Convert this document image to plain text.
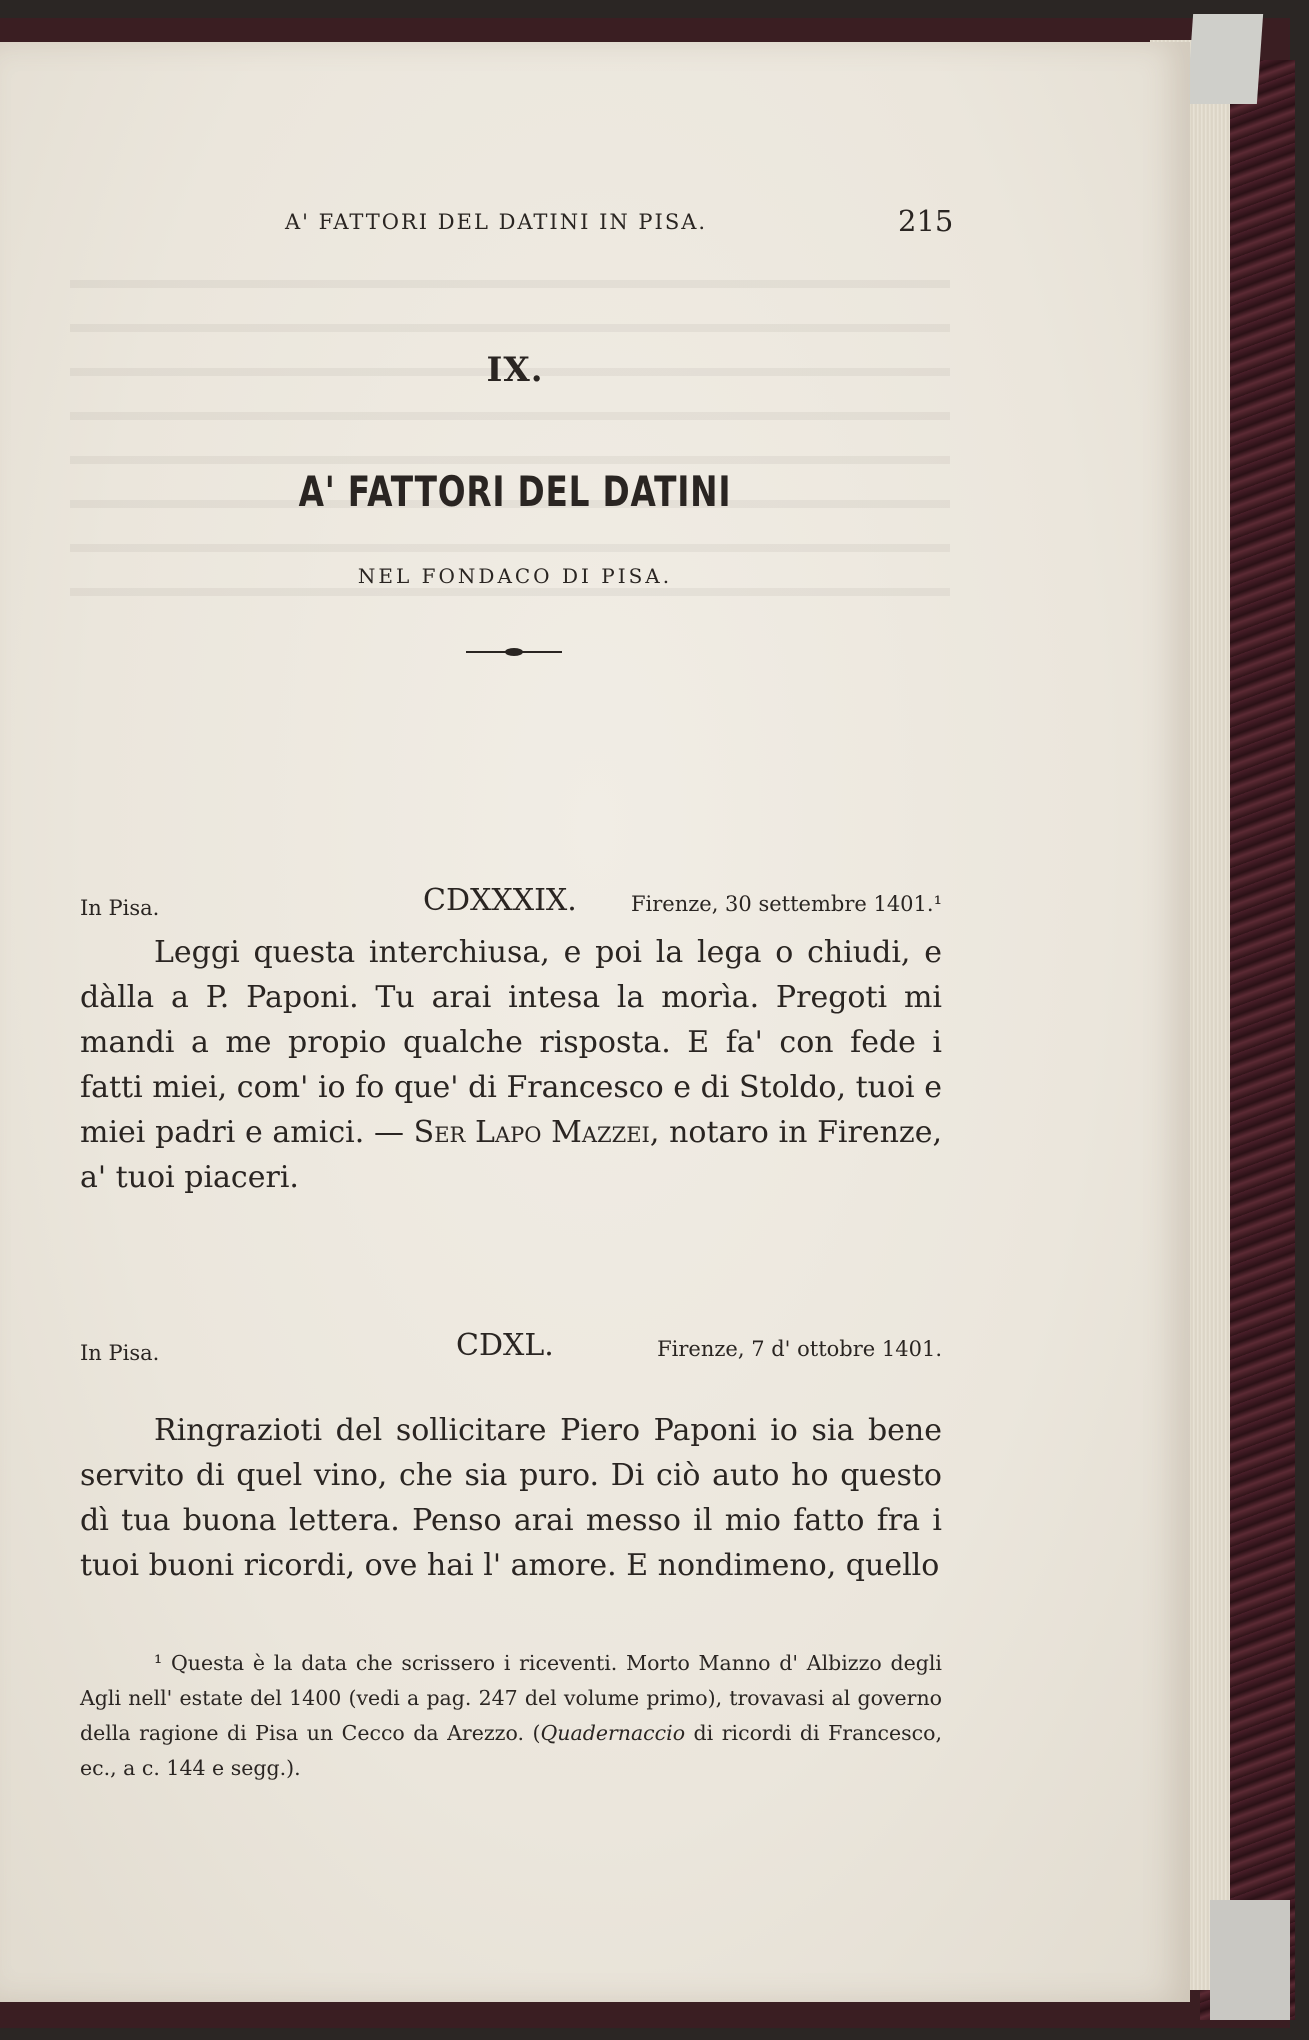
A' FATTORI DEL DATINI IN PISA.	215
IX.
A' FATTORI DEL DATINI
NEL FONDACO DI PISA.
In Pisa.	CDXXXIX.	Firenze, 30 settembre 1401.¹
Leggi questa interchiusa, e poi la lega o chiudi, e dàlla a P. Paponi. Tu arai intesa la morìa. Pregoti mi mandi a me propio qualche risposta. E fa' con fede i fatti miei, com' io fo que' di Francesco e di Stoldo, tuoi e miei padri e amici. — Ser Lapo Mazzei, notaro in Firenze, a' tuoi piaceri.
In Pisa.	CDXL.	Firenze, 7 d' ottobre 1401.
Ringrazioti del sollicitare Piero Paponi io sia bene servito di quel vino, che sia puro. Di ciò auto ho questo dì tua buona lettera. Penso arai messo il mio fatto fra i tuoi buoni ricordi, ove hai l' amore. E nondimeno, quello
¹ Questa è la data che scrissero i riceventi. Morto Manno d' Albizzo degli Agli nell' estate del 1400 (vedi a pag. 247 del volume primo), trovavasi al governo della ragione di Pisa un Cecco da Arezzo. (Quadernaccio di ricordi di Francesco, ec., a c. 144 e segg.).
